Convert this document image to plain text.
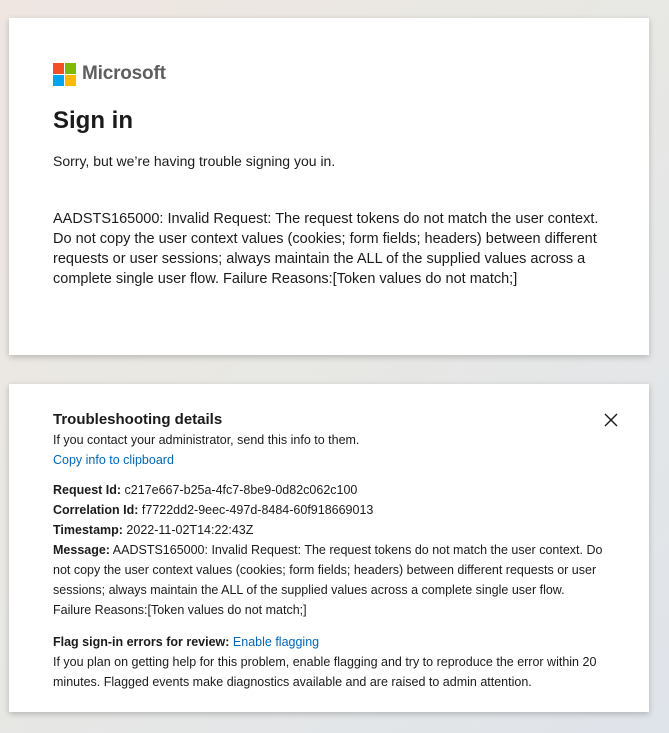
Microsoft
Sign in
Sorry, but we’re having trouble signing you in.
AADSTS165000: Invalid Request: The request tokens do not match the user context. Do not copy the user context values (cookies; form fields; headers) between different requests or user sessions; always maintain the ALL of the supplied values across a complete single user flow. Failure Reasons:[Token values do not match;]
Troubleshooting details
If you contact your administrator, send this info to them.
Copy info to clipboard
Request Id: c217e667-b25a-4fc7-8be9-0d82c062c100
Correlation Id: f7722dd2-9eec-497d-8484-60f918669013
Timestamp: 2022-11-02T14:22:43Z
Message: AADSTS165000: Invalid Request: The request tokens do not match the user context. Do not copy the user context values (cookies; form fields; headers) between different requests or user sessions; always maintain the ALL of the supplied values across a complete single user flow. Failure Reasons:[Token values do not match;]
Flag sign-in errors for review: Enable flagging
If you plan on getting help for this problem, enable flagging and try to reproduce the error within 20 minutes. Flagged events make diagnostics available and are raised to admin attention.
